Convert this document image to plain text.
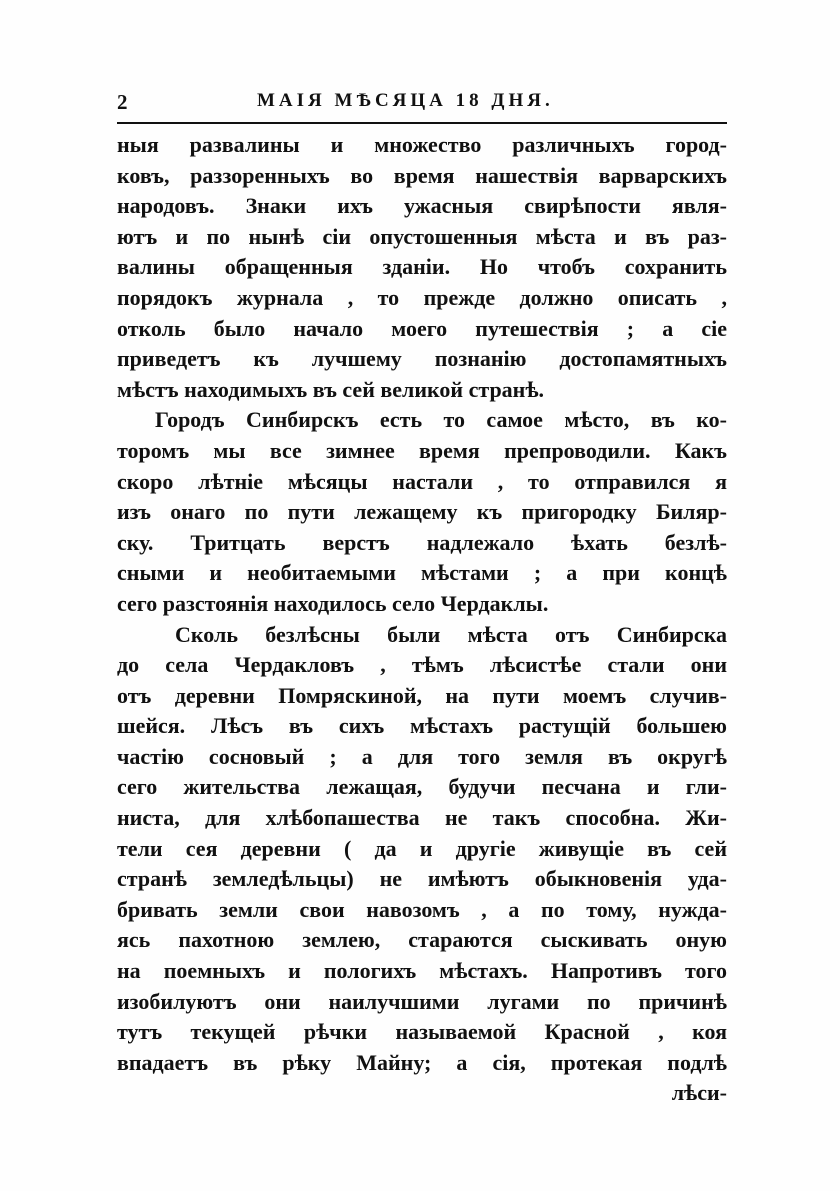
2	МАІЯ МѢСЯЦА 18 ДНЯ.
ныя развалины и множество различныхъ город-
ковъ, раззоренныхъ во время нашествія варварскихъ
народовъ. Знаки ихъ ужасныя свирѣпости явля-
ютъ и по нынѣ сіи опустошенныя мѣста и въ раз-
валины обращенныя зданіи. Но чтобъ сохранить
порядокъ журнала , то прежде должно описать ,
отколь было начало моего путешествія ; а сіе
приведетъ къ лучшему познанію достопамятныхъ
мѣстъ находимыхъ въ сей великой странѣ.
Городъ Синбирскъ есть то самое мѣсто, въ ко-
торомъ мы все зимнее время препроводили. Какъ
скоро лѣтніе мѣсяцы настали , то отправился я
изъ онаго по пути лежащему къ пригородку Биляр-
ску. Тритцать верстъ надлежало ѣхать безлѣ-
сными и необитаемыми мѣстами ; а при концѣ
сего разстоянія находилось село Чердаклы.
Сколь безлѣсны были мѣста отъ Синбирска
до села Чердакловъ , тѣмъ лѣсистѣе стали они
отъ деревни Помряскиной, на пути моемъ случив-
шейся. Лѣсъ въ сихъ мѣстахъ растущій большею
частію сосновый ; а для того земля въ округѣ
сего жительства лежащая, будучи песчана и гли-
ниста, для хлѣбопашества не такъ способна. Жи-
тели сея деревни ( да и другіе живущіе въ сей
странѣ земледѣльцы) не имѣютъ обыкновенія уда-
бривать земли свои навозомъ , а по тому, нужда-
ясь пахотною землею, стараются сыскивать оную
на поемныхъ и пологихъ мѣстахъ. Напротивъ того
изобилуютъ они наилучшими лугами по причинѣ
тутъ текущей рѣчки называемой Красной , коя
впадаетъ въ рѣку Майну; а сія, протекая подлѣ
лѣси-
